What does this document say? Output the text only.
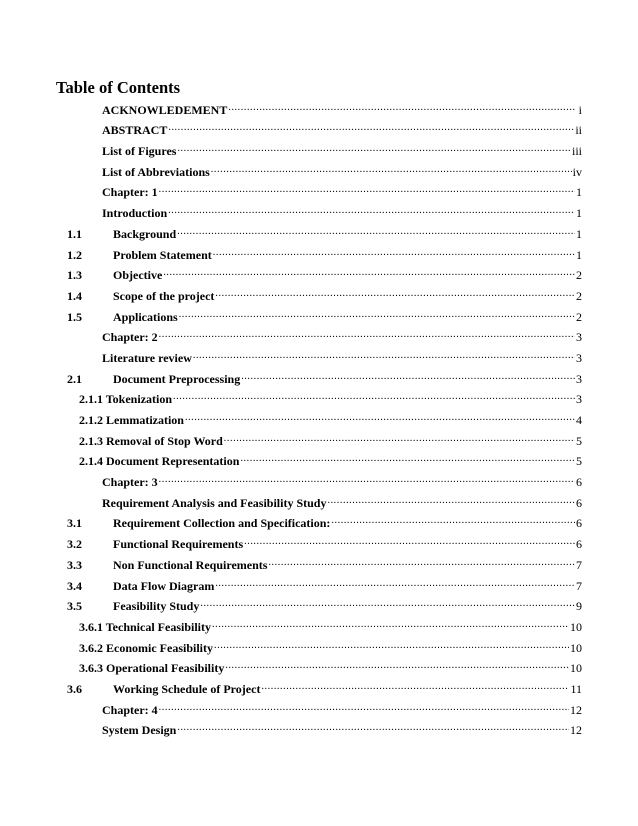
Table of Contents
ACKNOWLEDEMENT .....	i
ABSTRACT .....	ii
List of Figures .....	iii
List of Abbreviations .....	iv
Chapter: 1 .....	1
Introduction .....	1
1.1	Background .....	1
1.2	Problem Statement .....	1
1.3	Objective .....	2
1.4	Scope of the project .....	2
1.5	Applications .....	2
Chapter: 2 .....	3
Literature review .....	3
2.1	Document Preprocessing .....	3
2.1.1 Tokenization .....	3
2.1.2 Lemmatization .....	4
2.1.3 Removal of Stop Word .....	5
2.1.4 Document Representation .....	5
Chapter: 3 .....	6
Requirement Analysis and Feasibility Study .....	6
3.1	Requirement Collection and Specification: .....	6
3.2	Functional Requirements .....	6
3.3	Non Functional Requirements .....	7
3.4	Data Flow Diagram .....	7
3.5	Feasibility Study .....	9
3.6.1 Technical Feasibility .....	10
3.6.2 Economic Feasibility .....	10
3.6.3 Operational Feasibility .....	10
3.6	Working Schedule of Project .....	11
Chapter: 4 .....	12
System Design .....	12
